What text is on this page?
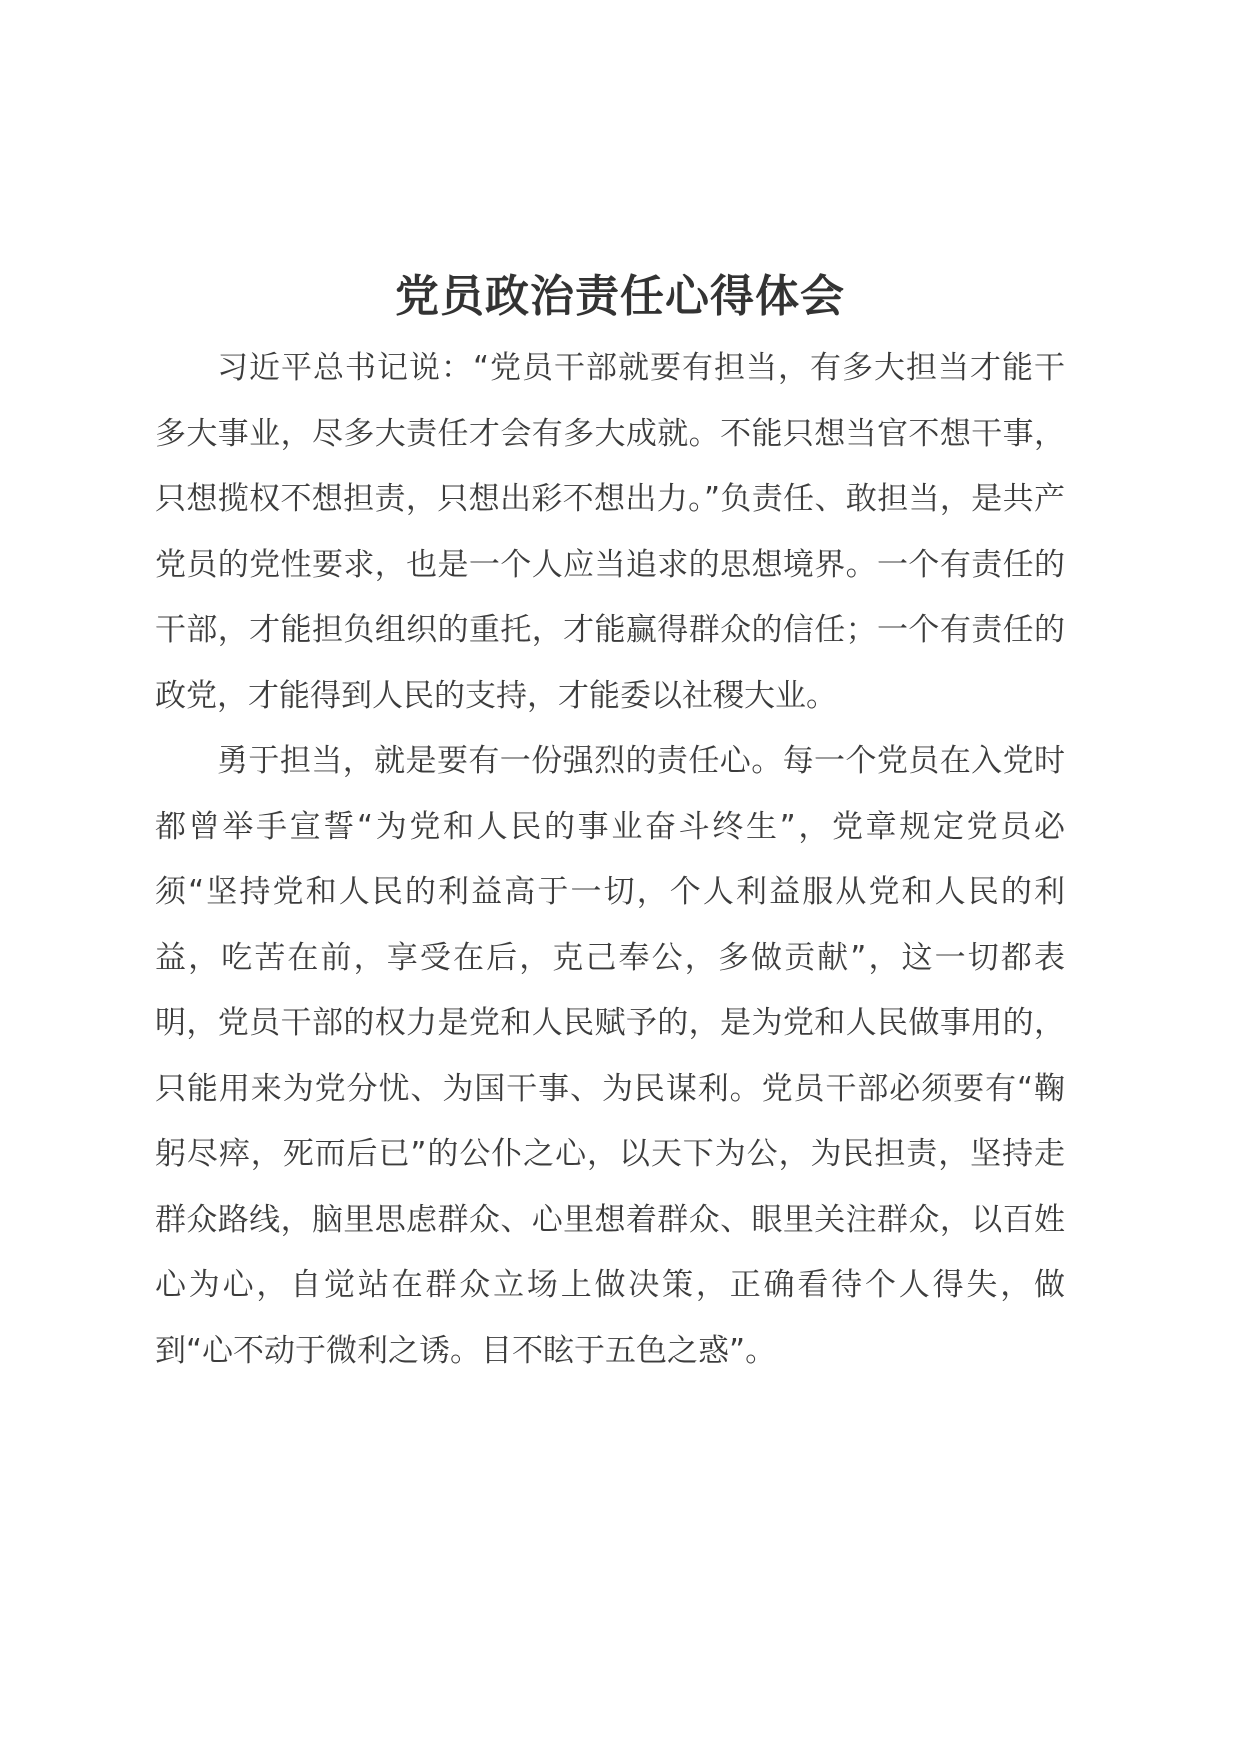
党员政治责任心得体会

习近平总书记说：“党员干部就要有担当，有多大担当才能干多大事业，尽多大责任才会有多大成就。不能只想当官不想干事，只想揽权不想担责，只想出彩不想出力。”负责任、敢担当，是共产党员的党性要求，也是一个人应当追求的思想境界。一个有责任的干部，才能担负组织的重托，才能赢得群众的信任；一个有责任的政党，才能得到人民的支持，才能委以社稷大业。

勇于担当，就是要有一份强烈的责任心。每一个党员在入党时都曾举手宣誓“为党和人民的事业奋斗终生”，党章规定党员必须“坚持党和人民的利益高于一切，个人利益服从党和人民的利益，吃苦在前，享受在后，克己奉公，多做贡献”，这一切都表明，党员干部的权力是党和人民赋予的，是为党和人民做事用的，只能用来为党分忧、为国干事、为民谋利。党员干部必须要有“鞠躬尽瘁，死而后已”的公仆之心，以天下为公，为民担责，坚持走群众路线，脑里思虑群众、心里想着群众、眼里关注群众，以百姓心为心，自觉站在群众立场上做决策，正确看待个人得失，做到“心不动于微利之诱。目不眩于五色之惑”。
